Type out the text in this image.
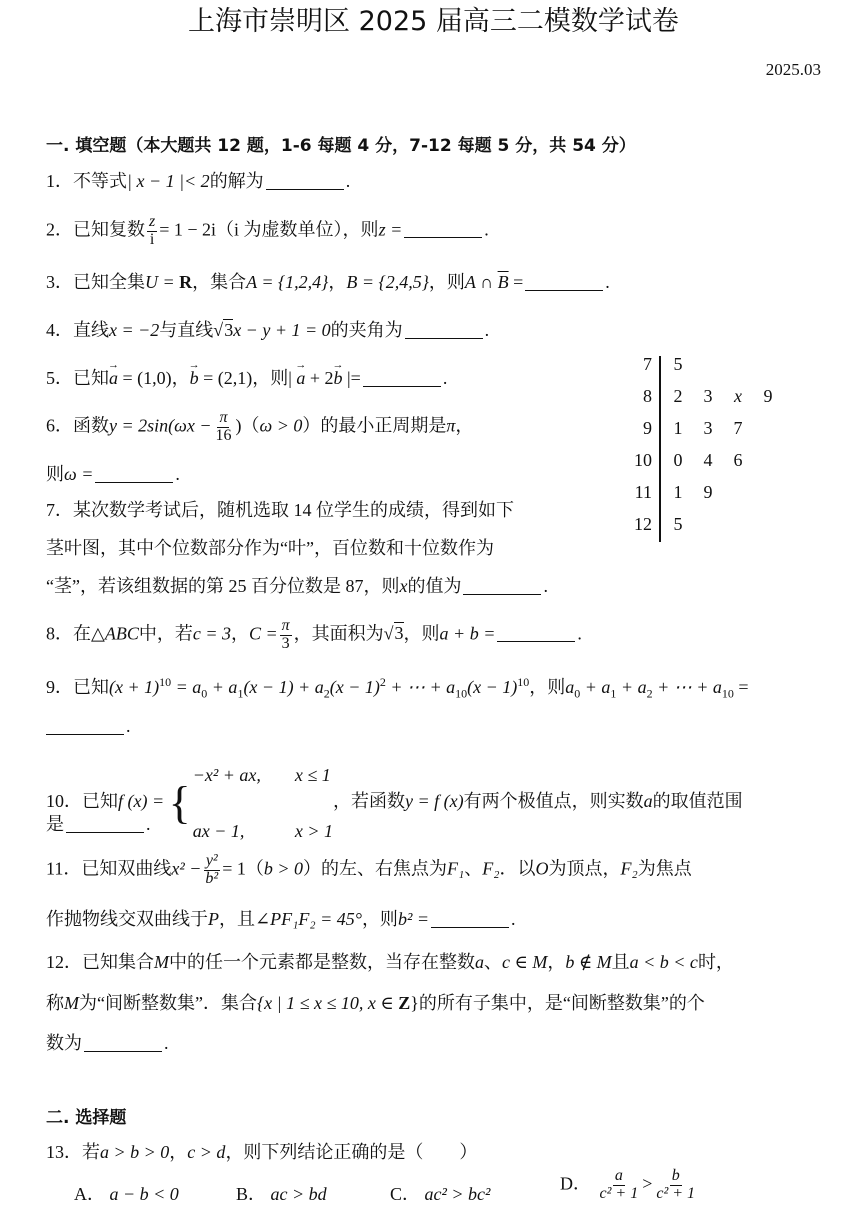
上海市崇明区 2025 届高三二模数学试卷
2025.03
一. 填空题（本大题共 12 题，1-6 每题 4 分，7-12 每题 5 分，共 54 分）
1．不等式| x − 1 |< 2的解为	.
2．已知复数 $\frac{z}{i} = 1 - 2i(i$ 为虚数单位），则z =	.
3．已知全集U = R，集合A = {1,2,4}，B = {2,4,5}，则A ∩ $\overline{B}$ =	.
4．直线x = −2与直线√3x − y + 1 = 0的夹角为	.
5．已知→ a = (1,0)，→ b = (2,1)，则| → a + 2→ b |=	.
6．函数$y = 2\sin(\omega x - \frac{\pi}{16} )(\omega > 0)$的最小正周期是π，
则ω =	.
7．某次数学考试后，随机选取 14 位学生的成绩，得到如下
茎叶图，其中个位数部分作为“叶”，百位数和十位数作为
“茎”，若该组数据的第 25 百分位数是 87，则x的值为	.
7	5
8	2	3	x	9
9	1	3	7
10	0	4	6
11	1	9
12	5
8．在△ABC中，若c = 3，$C = \frac{\pi}{3}$ ，其面积为√3，则a + b =	.
9．已知$(x + 1)^{10} = a_0 + a_1(x - 1) + a_2(x - 1)^2$ + ⋯ + $a_{10}(x - 1)^{10}$，则$a_0 + a_1 + a_2$ + ⋯ + $a_{10}$ =
.
10．已知f (x) = {
−x² + ax, x ≤ 1
ax − 1,	x > 1
，若函数y = f (x)有两个极值点，则实数a的取值范围
是	.
11．已知双曲线$x^2 - \frac{\text{y²}}{\text{b²}} = 1(b > 0)$的左、右焦点为F₁、F₂．以O为顶点，F₂为焦点
作抛物线交双曲线于P，且∠PF₁F₂ = 45°，则b² =	.
12．已知集合M中的任一个元素都是整数，当存在整数a、c ∈ M，b ∉ M且a < b < c时，
称M为“间断整数集”．集合{x | 1 ≤ x ≤ 10, x ∈ Z}的所有子集中，是“间断整数集”的个
数为	.
二. 选择题
13．若a > b > 0，c > d，则下列结论正确的是（　　）
A． a − b < 0	B． ac > bd	C． ac² > bc²
D． $\frac{a}{\text{c² + 1}} > \frac{b}{\text{c² + 1}}$
